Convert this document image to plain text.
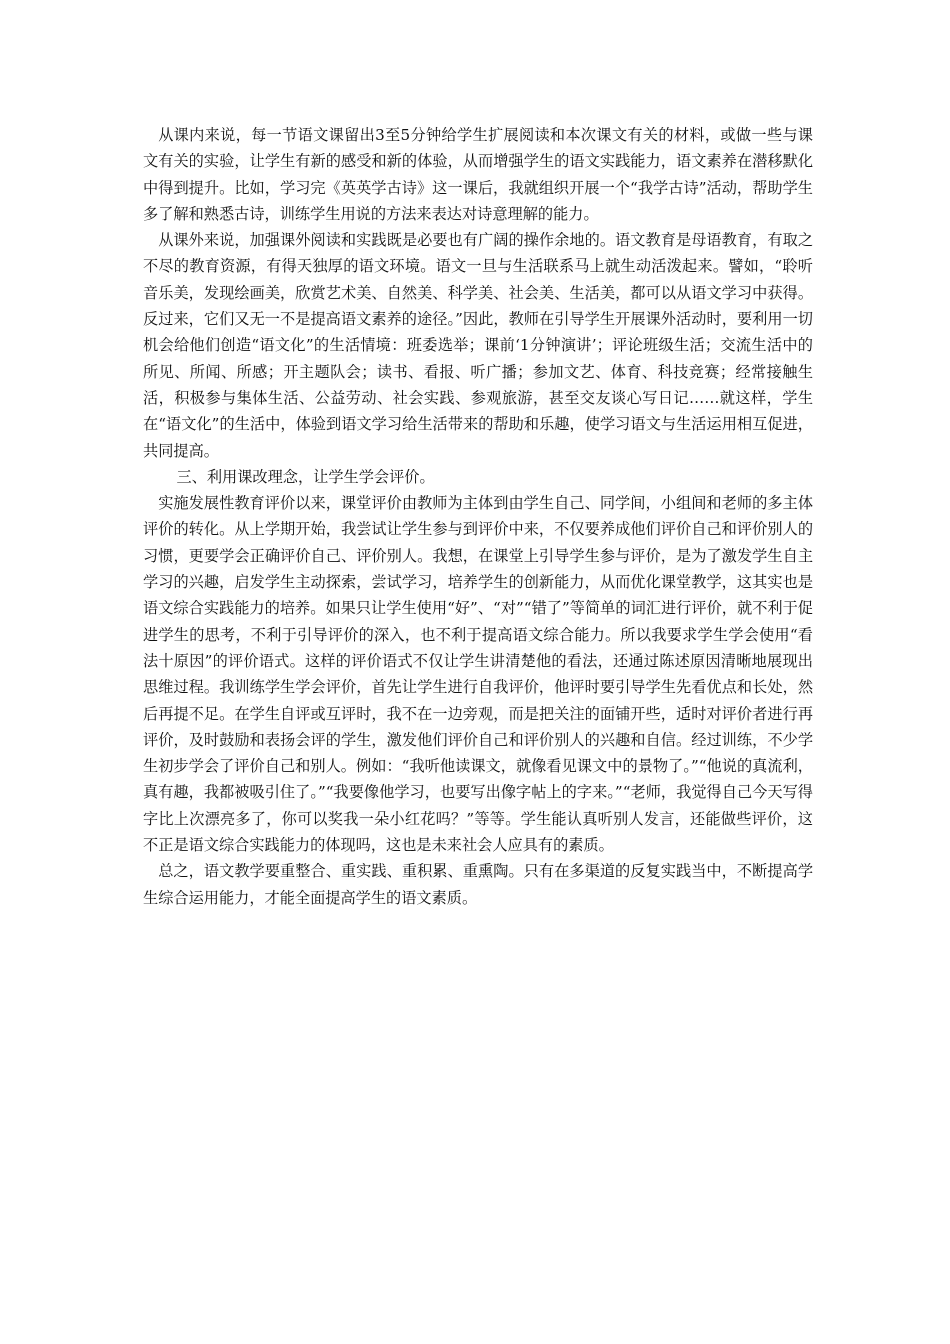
从课内来说，每一节语文课留出3至5分钟给学生扩展阅读和本次课文有关的材料，或做一些与课文有关的实验，让学生有新的感受和新的体验，从而增强学生的语文实践能力，语文素养在潜移默化中得到提升。比如，学习完《英英学古诗》这一课后，我就组织开展一个“我学古诗”活动，帮助学生多了解和熟悉古诗，训练学生用说的方法来表达对诗意理解的能力。

从课外来说，加强课外阅读和实践既是必要也有广阔的操作余地的。语文教育是母语教育，有取之不尽的教育资源，有得天独厚的语文环境。语文一旦与生活联系马上就生动活泼起来。譬如，“聆听音乐美，发现绘画美，欣赏艺术美、自然美、科学美、社会美、生活美，都可以从语文学习中获得。反过来，它们又无一不是提高语文素养的途径。”因此，教师在引导学生开展课外活动时，要利用一切机会给他们创造“语文化”的生活情境：班委选举；课前‘1分钟演讲’；评论班级生活；交流生活中的所见、所闻、所感；开主题队会；读书、看报、听广播；参加文艺、体育、科技竞赛；经常接触生活，积极参与集体生活、公益劳动、社会实践、参观旅游，甚至交友谈心写日记……就这样，学生在“语文化”的生活中，体验到语文学习给生活带来的帮助和乐趣，使学习语文与生活运用相互促进，共同提高。

三、利用课改理念，让学生学会评价。

实施发展性教育评价以来，课堂评价由教师为主体到由学生自己、同学间，小组间和老师的多主体评价的转化。从上学期开始，我尝试让学生参与到评价中来，不仅要养成他们评价自己和评价别人的习惯，更要学会正确评价自己、评价别人。我想，在课堂上引导学生参与评价，是为了激发学生自主学习的兴趣，启发学生主动探索，尝试学习，培养学生的创新能力，从而优化课堂教学，这其实也是语文综合实践能力的培养。如果只让学生使用“好”、“对”“错了”等简单的词汇进行评价，就不利于促进学生的思考，不利于引导评价的深入，也不利于提高语文综合能力。所以我要求学生学会使用“看法十原因”的评价语式。这样的评价语式不仅让学生讲清楚他的看法，还通过陈述原因清晰地展现出思维过程。我训练学生学会评价，首先让学生进行自我评价，他评时要引导学生先看优点和长处，然后再提不足。在学生自评或互评时，我不在一边旁观，而是把关注的面铺开些，适时对评价者进行再评价，及时鼓励和表扬会评的学生，激发他们评价自己和评价别人的兴趣和自信。经过训练，不少学生初步学会了评价自己和别人。例如：“我听他读课文，就像看见课文中的景物了。”“他说的真流利，真有趣，我都被吸引住了。”“我要像他学习，也要写出像字帖上的字来。”“老师，我觉得自己今天写得字比上次漂亮多了，你可以奖我一朵小红花吗？”等等。学生能认真听别人发言，还能做些评价，这不正是语文综合实践能力的体现吗，这也是未来社会人应具有的素质。

总之，语文教学要重整合、重实践、重积累、重熏陶。只有在多渠道的反复实践当中，不断提高学生综合运用能力，才能全面提高学生的语文素质。
